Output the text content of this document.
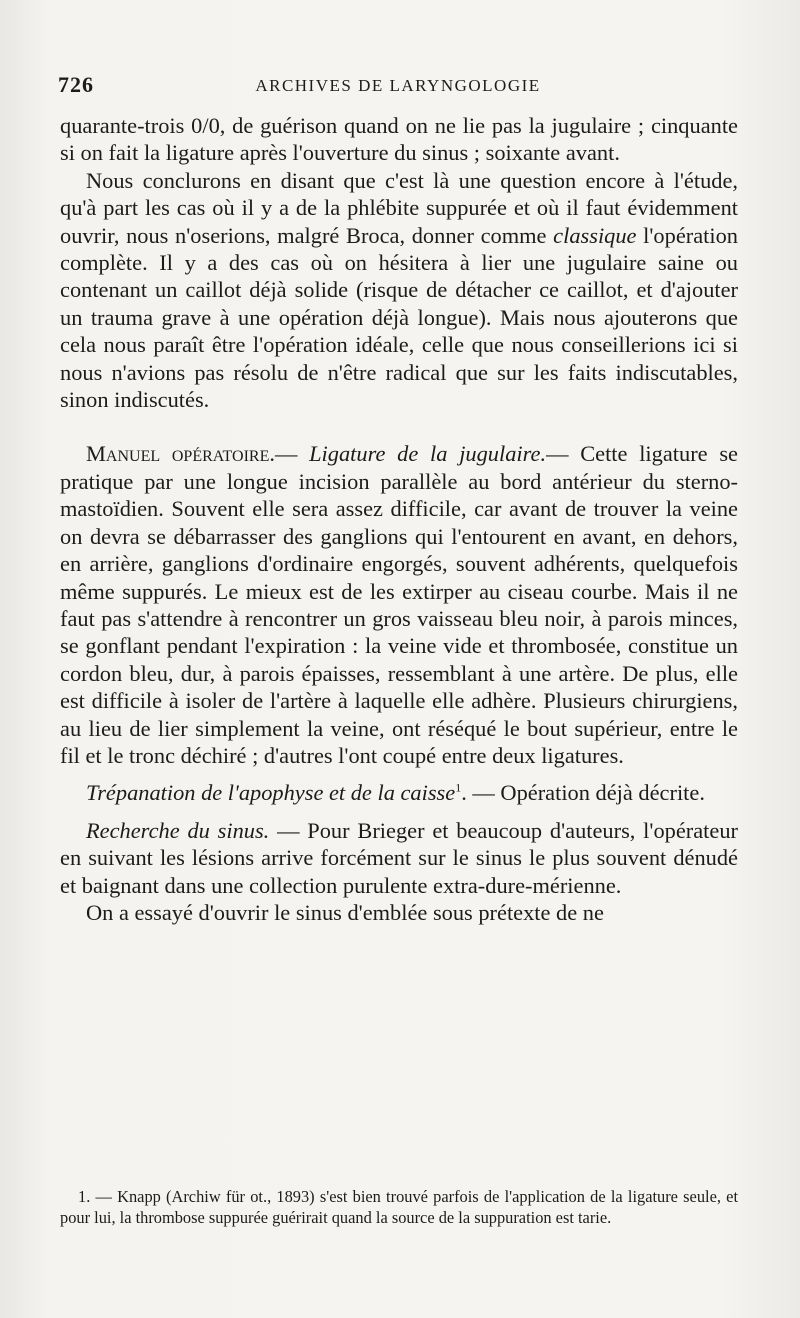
726	ARCHIVES DE LARYNGOLOGIE

quarante-trois 0/0, de guérison quand on ne lie pas la jugulaire ; cinquante si on fait la ligature après l'ouverture du sinus ; soixante avant.

Nous conclurons en disant que c'est là une question encore à l'étude, qu'à part les cas où il y a de la phlébite suppurée et où il faut évidemment ouvrir, nous n'oserions, malgré Broca, donner comme classique l'opération complète. Il y a des cas où on hésitera à lier une jugulaire saine ou contenant un caillot déjà solide (risque de détacher ce caillot, et d'ajouter un trauma grave à une opération déjà longue). Mais nous ajouterons que cela nous paraît être l'opération idéale, celle que nous conseillerions ici si nous n'avions pas résolu de n'être radical que sur les faits indiscutables, sinon indiscutés.

Manuel opératoire.— Ligature de la jugulaire.— Cette ligature se pratique par une longue incision parallèle au bord antérieur du sterno-mastoïdien. Souvent elle sera assez difficile, car avant de trouver la veine on devra se débarrasser des ganglions qui l'entourent en avant, en dehors, en arrière, ganglions d'ordinaire engorgés, souvent adhérents, quelquefois même suppurés. Le mieux est de les extirper au ciseau courbe. Mais il ne faut pas s'attendre à rencontrer un gros vaisseau bleu noir, à parois minces, se gonflant pendant l'expiration : la veine vide et thrombosée, constitue un cordon bleu, dur, à parois épaisses, ressemblant à une artère. De plus, elle est difficile à isoler de l'artère à laquelle elle adhère. Plusieurs chirurgiens, au lieu de lier simplement la veine, ont réséqué le bout supérieur, entre le fil et le tronc déchiré ; d'autres l'ont coupé entre deux ligatures.

Trépanation de l'apophyse et de la caisse$^1$. — Opération déjà décrite.

Recherche du sinus. — Pour Brieger et beaucoup d'auteurs, l'opérateur en suivant les lésions arrive forcément sur le sinus le plus souvent dénudé et baignant dans une collection purulente extra-dure-mérienne.

On a essayé d'ouvrir le sinus d'emblée sous prétexte de ne

1. — Knapp (Archiw für ot., 1893) s'est bien trouvé parfois de l'application de la ligature seule, et pour lui, la thrombose suppurée guérirait quand la source de la suppuration est tarie.
